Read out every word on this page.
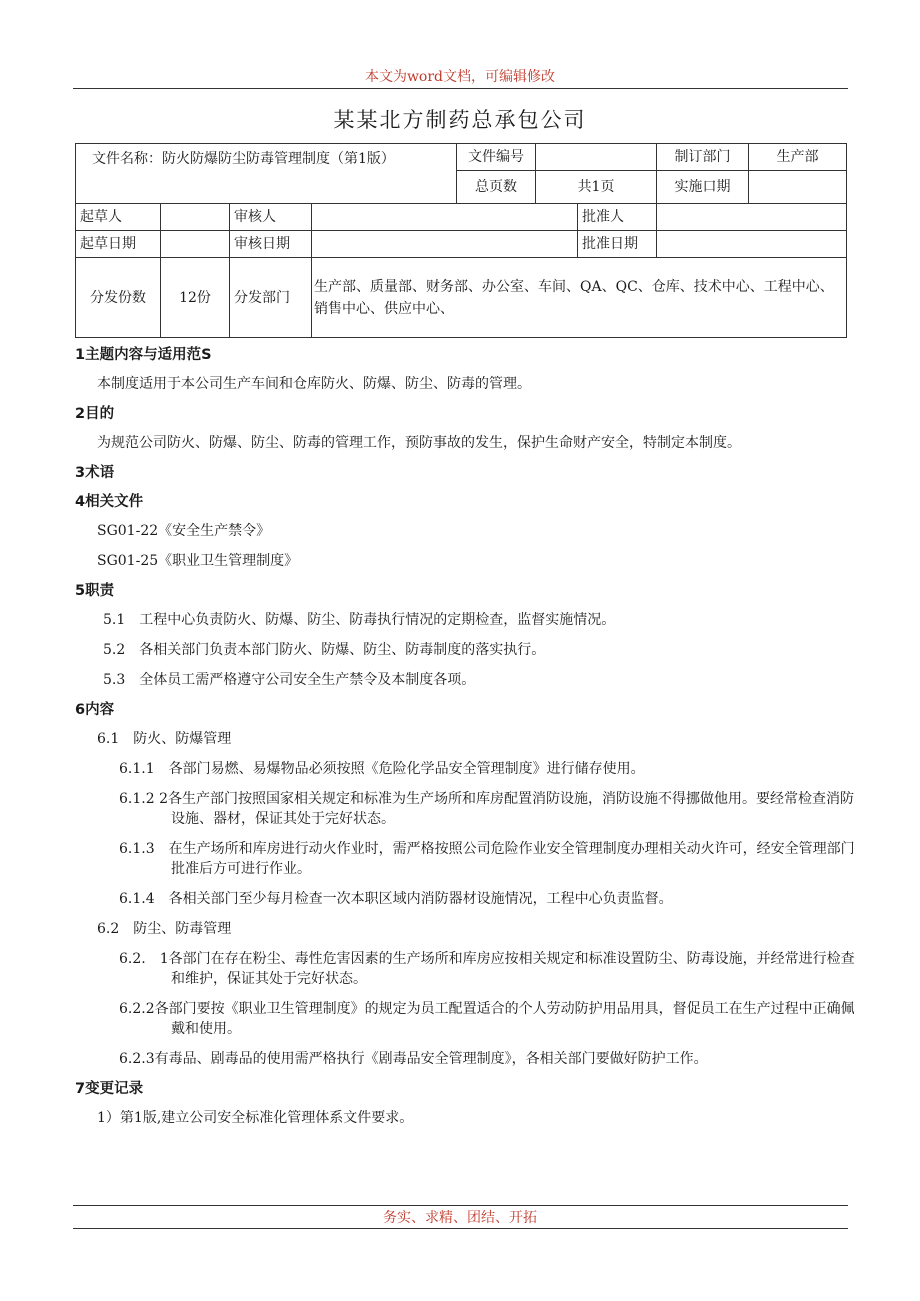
本文为word文档，可编辑修改
某某北方制药总承包公司
文件名称：防火防爆防尘防毒管理制度（第1版）				文件编号			制订部门	生产部
				总页数	共1页		实施口期	
起草人		审核人				批准人		
起草日期		审核日期				批准日期		
分发份数	12份	分发部门	生产部、质量部、财务部、办公室、车间、QA、QC、仓库、技术中心、工程中心、销售中心、供应中心、					
1主题内容与适用范S
本制度适用于本公司生产车间和仓库防火、防爆、防尘、防毒的管理。
2目的
为规范公司防火、防爆、防尘、防毒的管理工作，预防事故的发生，保护生命财产安全，特制定本制度。
3术语
4相关文件
SG01-22《安全生产禁令》
SG01-25《职业卫生管理制度》
5职责
5.1　工程中心负责防火、防爆、防尘、防毒执行情况的定期检查，监督实施情况。
5.2　各相关部门负责本部门防火、防爆、防尘、防毒制度的落实执行。
5.3　全体员工需严格遵守公司安全生产禁令及本制度各项。
6内容
6.1　防火、防爆管理
6.1.1　各部门易燃、易爆物品必须按照《危险化学品安全管理制度》进行储存使用。
6.1.2 2各生产部门按照国家相关规定和标准为生产场所和库房配置消防设施，消防设施不得挪做他用。要经常检查消防设施、器材，保证其处于完好状态。
6.1.3　在生产场所和库房进行动火作业时，需严格按照公司危险作业安全管理制度办理相关动火许可，经安全管理部门批准后方可进行作业。
6.1.4　各相关部门至少每月检查一次本职区域内消防器材设施情况，工程中心负责监督。
6.2　防尘、防毒管理
6.2.　1各部门在存在粉尘、毒性危害因素的生产场所和库房应按相关规定和标准设置防尘、防毒设施，并经常进行检查和维护，保证其处于完好状态。
6.2.2各部门要按《职业卫生管理制度》的规定为员工配置适合的个人劳动防护用品用具，督促员工在生产过程中正确佩戴和使用。
6.2.3有毒品、剧毒品的使用需严格执行《剧毒品安全管理制度》，各相关部门要做好防护工作。
7变更记录
1）第1版,建立公司安全标准化管理体系文件要求。
务实、求精、团结、开拓
